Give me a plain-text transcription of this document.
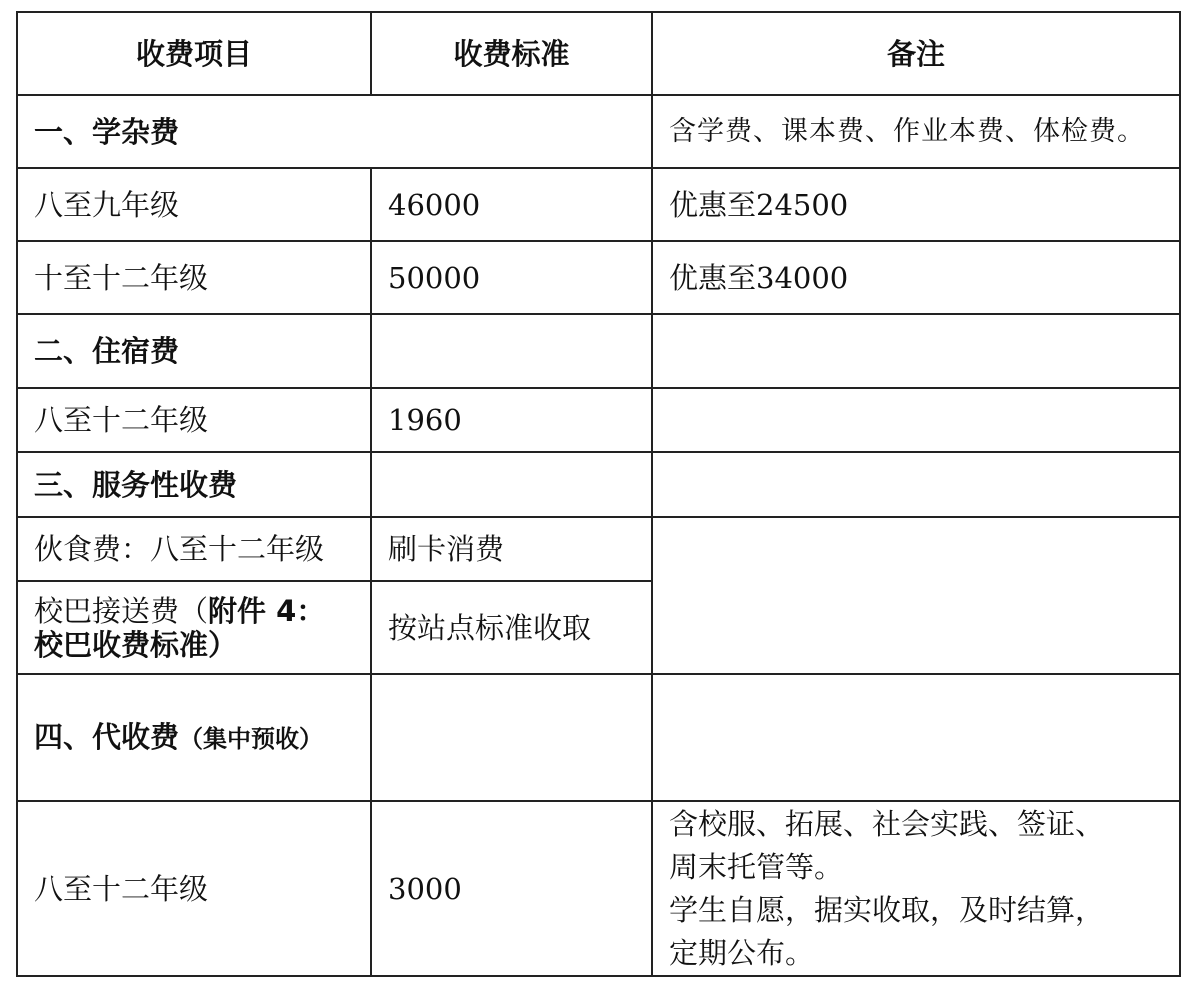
收费项目	收费标准	备注
一、学杂费		含学费、课本费、作业本费、体检费。
八至九年级	46000	优惠至24500
十至十二年级	50000	优惠至34000
二、住宿费		
八至十二年级	1960	
三、服务性收费		
伙食费：八至十二年级	刷卡消费	
校巴接送费（附件 4：
校巴收费标准）	按站点标准收取	
四、代收费（集中预收）		
八至十二年级	3000	含校服、拓展、社会实践、签证、
周末托管等。
学生自愿，据实收取，及时结算，
定期公布。
